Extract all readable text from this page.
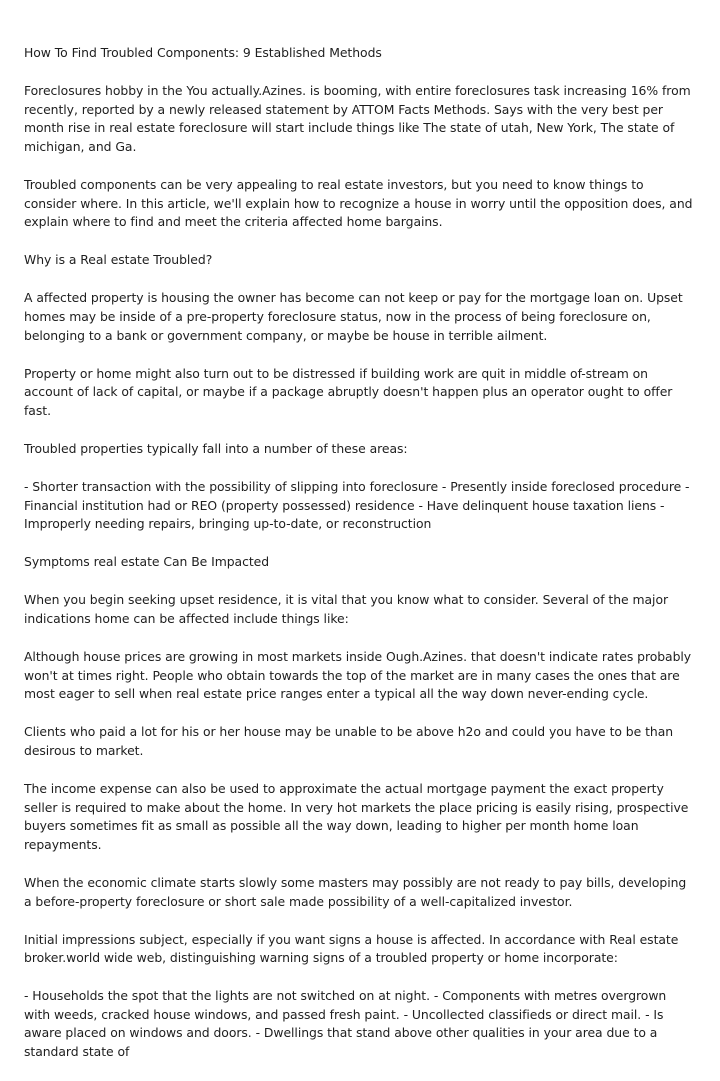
How To Find Troubled Components: 9 Established Methods

Foreclosures hobby in the You actually.Azines. is booming, with entire foreclosures task increasing 16% from recently, reported by a newly released statement by ATTOM Facts Methods. Says with the very best per month rise in real estate foreclosure will start include things like The state of utah, New York, The state of michigan, and Ga.

Troubled components can be very appealing to real estate investors, but you need to know things to consider where. In this article, we'll explain how to recognize a house in worry until the opposition does, and explain where to find and meet the criteria affected home bargains.

Why is a Real estate Troubled?

A affected property is housing the owner has become can not keep or pay for the mortgage loan on. Upset homes may be inside of a pre-property foreclosure status, now in the process of being foreclosure on, belonging to a bank or government company, or maybe be house in terrible ailment.

Property or home might also turn out to be distressed if building work are quit in middle of-stream on account of lack of capital, or maybe if a package abruptly doesn't happen plus an operator ought to offer fast.

Troubled properties typically fall into a number of these areas:

- Shorter transaction with the possibility of slipping into foreclosure - Presently inside foreclosed procedure - Financial institution had or REO (property possessed) residence - Have delinquent house taxation liens - Improperly needing repairs, bringing up-to-date, or reconstruction

Symptoms real estate Can Be Impacted

When you begin seeking upset residence, it is vital that you know what to consider. Several of the major indications home can be affected include things like:

Although house prices are growing in most markets inside Ough.Azines. that doesn't indicate rates probably won't at times right. People who obtain towards the top of the market are in many cases the ones that are most eager to sell when real estate price ranges enter a typical all the way down never-ending cycle.

Clients who paid a lot for his or her house may be unable to be above h2o and could you have to be than desirous to market.

The income expense can also be used to approximate the actual mortgage payment the exact property seller is required to make about the home. In very hot markets the place pricing is easily rising, prospective buyers sometimes fit as small as possible all the way down, leading to higher per month home loan repayments.

When the economic climate starts slowly some masters may possibly are not ready to pay bills, developing a before-property foreclosure or short sale made possibility of a well-capitalized investor.

Initial impressions subject, especially if you want signs a house is affected. In accordance with Real estate broker.world wide web, distinguishing warning signs of a troubled property or home incorporate:

- Households the spot that the lights are not switched on at night. - Components with metres overgrown with weeds, cracked house windows, and passed fresh paint. - Uncollected classifieds or direct mail. - Is aware placed on windows and doors. - Dwellings that stand above other qualities in your area due to a standard state of
